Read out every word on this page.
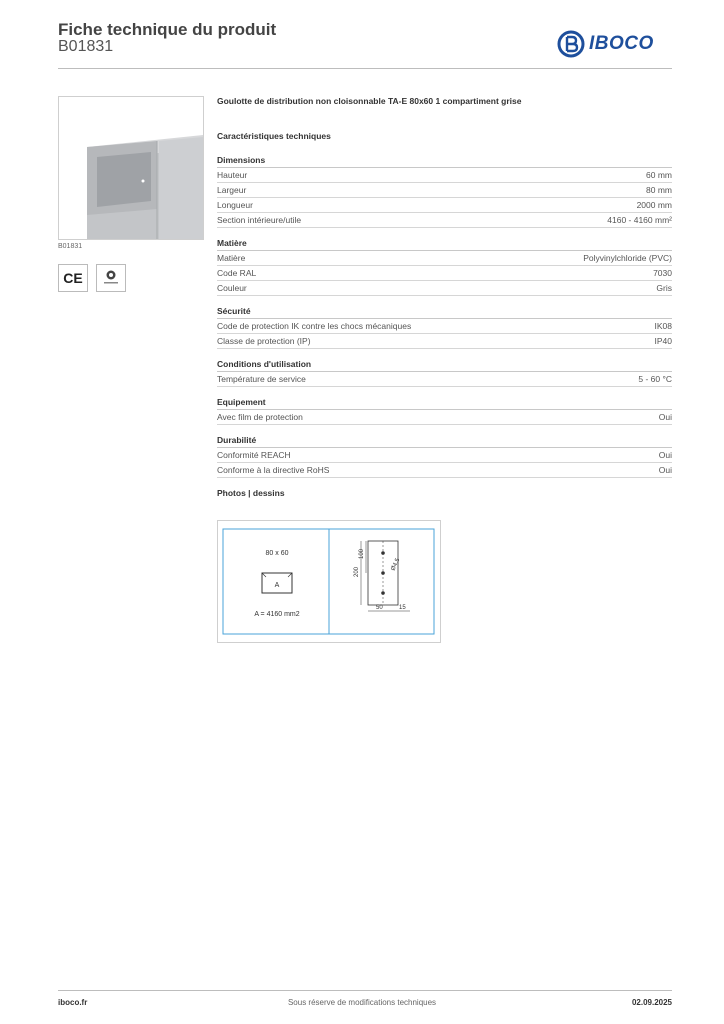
Fiche technique du produit
B01831	IBOCO
B01831
CE
Goulotte de distribution non cloisonnable TA-E 80x60 1 compartiment grise
Caractéristiques techniques
Dimensions
Hauteur	60 mm
Largeur	80 mm
Longueur	2000 mm
Section intérieure/utile	4160 - 4160 mm²
Matière
Matière	Polyvinylchloride (PVC)
Code RAL	7030
Couleur	Gris
Sécurité
Code de protection IK contre les chocs mécaniques	IK08
Classe de protection (IP)	IP40
Conditions d'utilisation
Température de service	5 - 60 °C
Equipement
Avec film de protection	Oui
Durabilité
Conformité REACH	Oui
Conforme à la directive RoHS	Oui
Photos | dessins
80 x 60
A
A = 4160 mm2
200
100
Ø4,5
50	15
iboco.fr	Sous réserve de modifications techniques	02.09.2025
